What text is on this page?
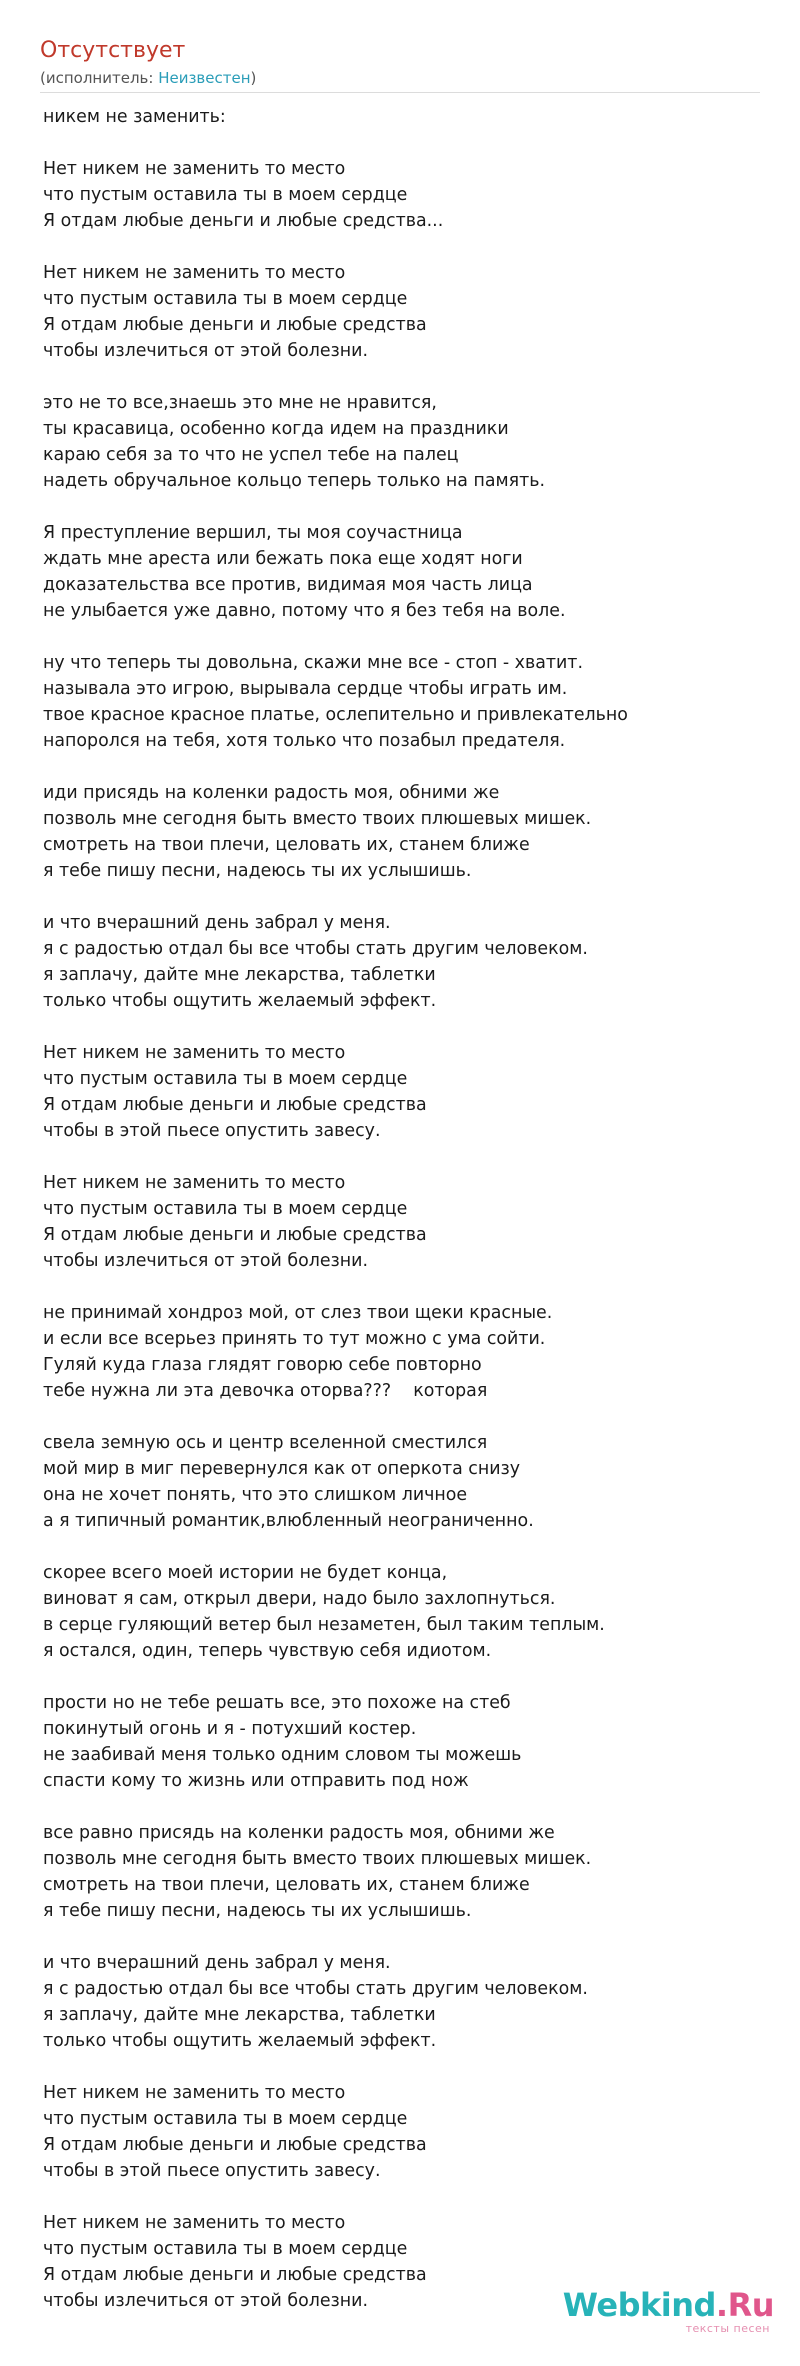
Отсутствует
(исполнитель: Неизвестен)
никем не заменить:
Нет никем не заменить то место
что пустым оставила ты в моем сердце
Я отдам любые деньги и любые средства...
Нет никем не заменить то место
что пустым оставила ты в моем сердце
Я отдам любые деньги и любые средства
чтобы излечиться от этой болезни.
это не то все,знаешь это мне не нравится,
ты красавица, особенно когда идем на праздники
караю себя за то что не успел тебе на палец
надеть обручальное кольцо теперь только на память.
Я преступление вершил, ты моя соучастница
ждать мне ареста или бежать пока еще ходят ноги
доказательства все против, видимая моя часть лица
не улыбается уже давно, потому что я без тебя на воле.
ну что теперь ты довольна, скажи мне все - стоп - хватит.
называла это игрою, вырывала сердце чтобы играть им.
твое красное красное платье, ослепительно и привлекательно
напоролся на тебя, хотя только что позабыл предателя.
иди присядь на коленки радость моя, обними же
позволь мне сегодня быть вместо твоих плюшевых мишек.
смотреть на твои плечи, целовать их, станем ближе
я тебе пишу песни, надеюсь ты их услышишь.
и что вчерашний день забрал у меня.
я с радостью отдал бы все чтобы стать другим человеком.
я заплачу, дайте мне лекарства, таблетки
только чтобы ощутить желаемый эффект.
Нет никем не заменить то место
что пустым оставила ты в моем сердце
Я отдам любые деньги и любые средства
чтобы в этой пьесе опустить завесу.
Нет никем не заменить то место
что пустым оставила ты в моем сердце
Я отдам любые деньги и любые средства
чтобы излечиться от этой болезни.
не принимай хондроз мой, от слез твои щеки красные.
и если все всерьез принять то тут можно с ума сойти.
Гуляй куда глаза глядят говорю себе повторно
тебе нужна ли эта девочка оторва???    которая
свела земную ось и центр вселенной сместился
мой мир в миг перевернулся как от оперкота снизу
она не хочет понять, что это слишком личное
а я типичный романтик,влюбленный неограниченно.
скорее всего моей истории не будет конца,
виноват я сам, открыл двери, надо было захлопнуться.
в серце гуляющий ветер был незаметен, был таким теплым.
я остался, один, теперь чувствую себя идиотом.
прости но не тебе решать все, это похоже на стеб
покинутый огонь и я - потухший костер.
не заабивай меня только одним словом ты можешь
спасти кому то жизнь или отправить под нож
все равно присядь на коленки радость моя, обними же
позволь мне сегодня быть вместо твоих плюшевых мишек.
смотреть на твои плечи, целовать их, станем ближе
я тебе пишу песни, надеюсь ты их услышишь.
и что вчерашний день забрал у меня.
я с радостью отдал бы все чтобы стать другим человеком.
я заплачу, дайте мне лекарства, таблетки
только чтобы ощутить желаемый эффект.
Нет никем не заменить то место
что пустым оставила ты в моем сердце
Я отдам любые деньги и любые средства
чтобы в этой пьесе опустить завесу.
Нет никем не заменить то место
что пустым оставила ты в моем сердце
Я отдам любые деньги и любые средства
чтобы излечиться от этой болезни.	Webkind.Ru
тексты песен
